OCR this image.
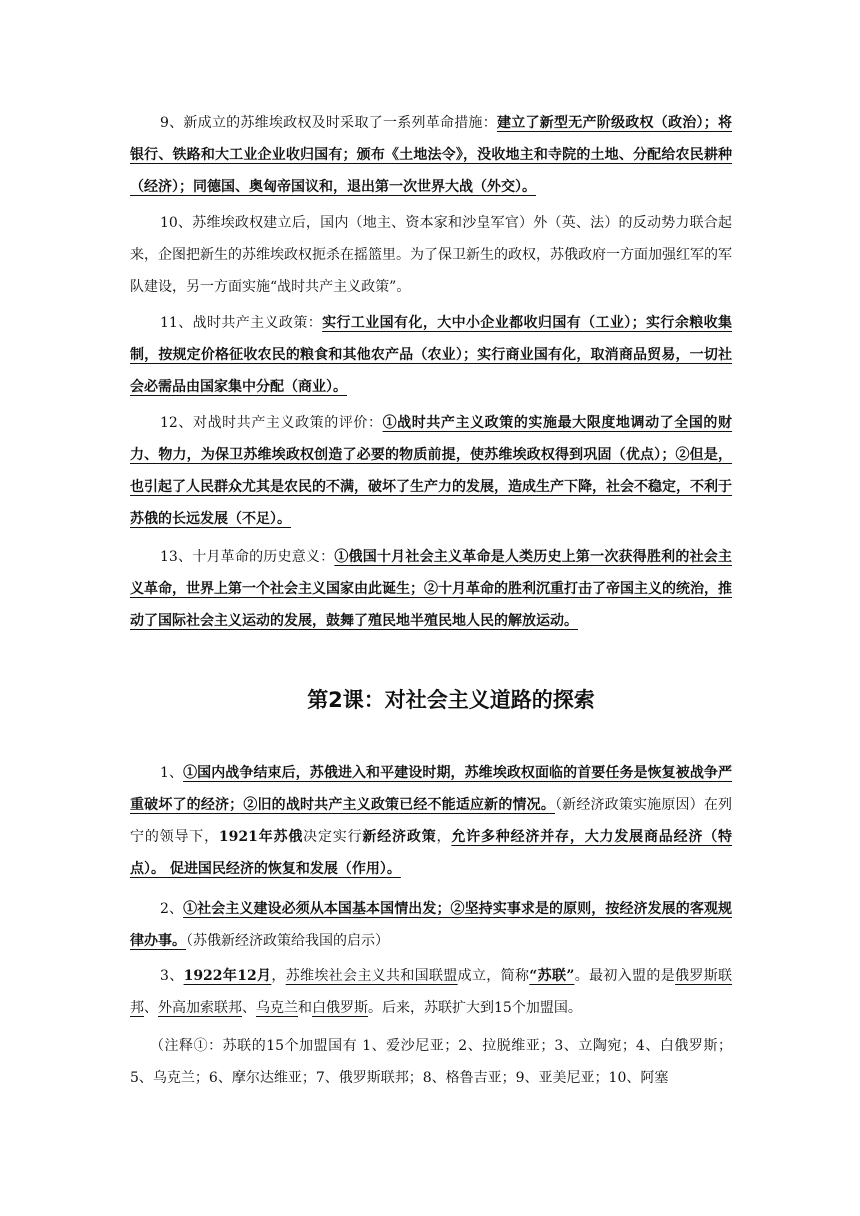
9、新成立的苏维埃政权及时采取了一系列革命措施：建立了新型无产阶级政权（政治）；将银行、铁路和大工业企业收归国有；颁布《土地法令》，没收地主和寺院的土地、分配给农民耕种（经济）；同德国、奥匈帝国议和，退出第一次世界大战（外交）。

10、苏维埃政权建立后，国内（地主、资本家和沙皇军官）外（英、法）的反动势力联合起来，企图把新生的苏维埃政权扼杀在摇篮里。为了保卫新生的政权，苏俄政府一方面加强红军的军队建设，另一方面实施“战时共产主义政策”。

11、战时共产主义政策：实行工业国有化，大中小企业都收归国有（工业）；实行余粮收集制，按规定价格征收农民的粮食和其他农产品（农业）；实行商业国有化，取消商品贸易，一切社会必需品由国家集中分配（商业）。

12、对战时共产主义政策的评价：①战时共产主义政策的实施最大限度地调动了全国的财力、物力，为保卫苏维埃政权创造了必要的物质前提，使苏维埃政权得到巩固（优点）；②但是，也引起了人民群众尤其是农民的不满，破坏了生产力的发展，造成生产下降，社会不稳定，不利于苏俄的长远发展（不足）。

13、十月革命的历史意义：①俄国十月社会主义革命是人类历史上第一次获得胜利的社会主义革命，世界上第一个社会主义国家由此诞生；②十月革命的胜利沉重打击了帝国主义的统治，推动了国际社会主义运动的发展，鼓舞了殖民地半殖民地人民的解放运动。

第2课：对社会主义道路的探索

1、①国内战争结束后，苏俄进入和平建设时期，苏维埃政权面临的首要任务是恢复被战争严重破坏了的经济；②旧的战时共产主义政策已经不能适应新的情况。（新经济政策实施原因）在列宁的领导下，1921年苏俄决定实行新经济政策，允许多种经济并存，大力发展商品经济（特点）。 促进国民经济的恢复和发展（作用）。

2、①社会主义建设必须从本国基本国情出发；②坚持实事求是的原则，按经济发展的客观规律办事。（苏俄新经济政策给我国的启示）

3、1922年12月，苏维埃社会主义共和国联盟成立，简称“苏联”。最初入盟的是俄罗斯联邦、外高加索联邦、乌克兰和白俄罗斯。后来，苏联扩大到15个加盟国。

（注释①：苏联的15个加盟国有 1、爱沙尼亚；2、拉脱维亚；3、立陶宛；4、白俄罗斯；5、乌克兰；6、摩尔达维亚；7、俄罗斯联邦；8、格鲁吉亚；9、亚美尼亚；10、阿塞
